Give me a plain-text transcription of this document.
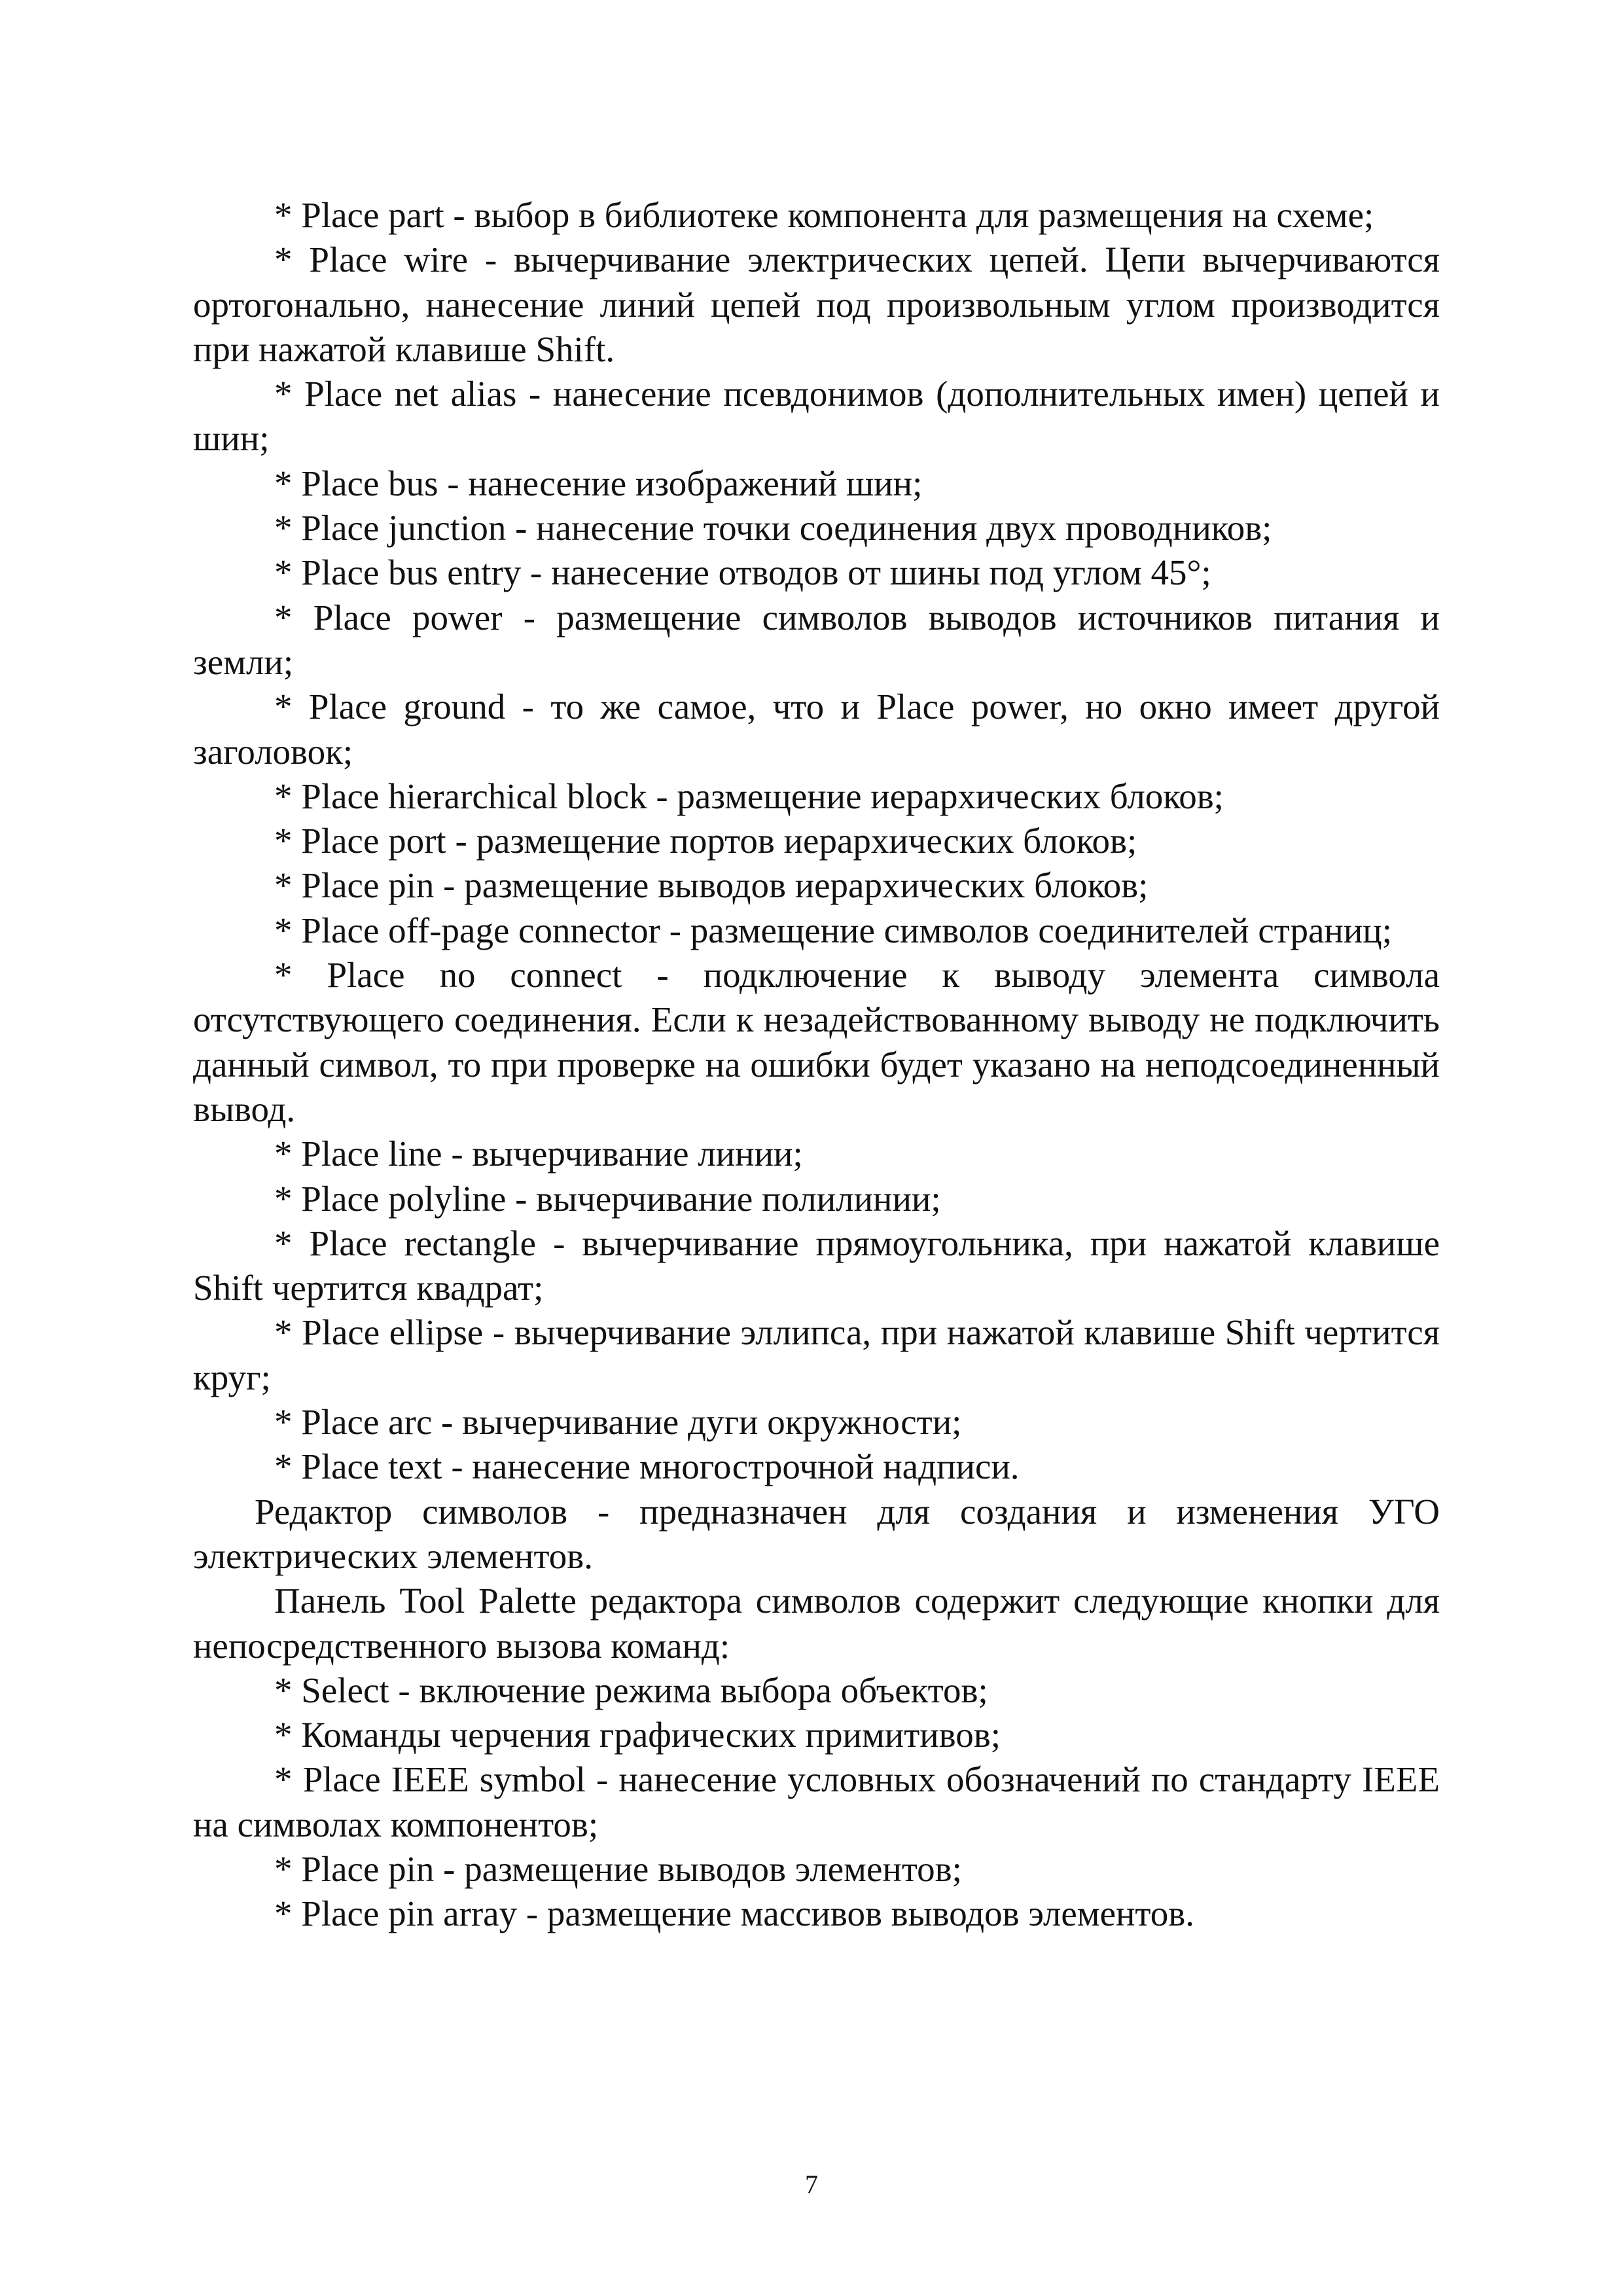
* Place part - выбор в библиотеке компонента для размещения на схеме;

* Place wire - вычерчивание электрических цепей. Цепи вычерчиваются ортогонально, нанесение линий цепей под произвольным углом производится при нажатой клавише Shift.

* Place net alias - нанесение псевдонимов (дополнительных имен) цепей и шин;

* Place bus - нанесение изображений шин;

* Place junction - нанесение точки соединения двух проводников;

* Place bus entry - нанесение отводов от шины под углом 45°;

* Place power - размещение символов выводов источников питания и земли;

* Place ground - то же самое, что и Place power, но окно имеет другой заголовок;

* Place hierarchical block - размещение иерархических блоков;

* Place port - размещение портов иерархических блоков;

* Place pin - размещение выводов иерархических блоков;

* Place off-page connector - размещение символов соединителей страниц;

* Place no connect - подключение к выводу элемента символа отсутствующего соединения. Если к незадействованному выводу не подключить данный символ, то при проверке на ошибки будет указано на неподсоединенный вывод.

* Place line - вычерчивание линии;

* Place polyline - вычерчивание полилинии;

* Place rectangle - вычерчивание прямоугольника, при нажатой клавише Shift чертится квадрат;

* Place ellipse - вычерчивание эллипса, при нажатой клавише Shift чертится круг;

* Place arc - вычерчивание дуги окружности;

* Place text - нанесение многострочной надписи.

Редактор символов - предназначен для создания и изменения УГО электрических элементов.

Панель Tool Palette редактора символов содержит следующие кнопки для непосредственного вызова команд:

* Select - включение режима выбора объектов;

* Команды черчения графических примитивов;

* Place IEEE symbol - нанесение условных обозначений по стандарту IEEE на символах компонентов;

* Place pin - размещение выводов элементов;

* Place pin array - размещение массивов выводов элементов.

7
